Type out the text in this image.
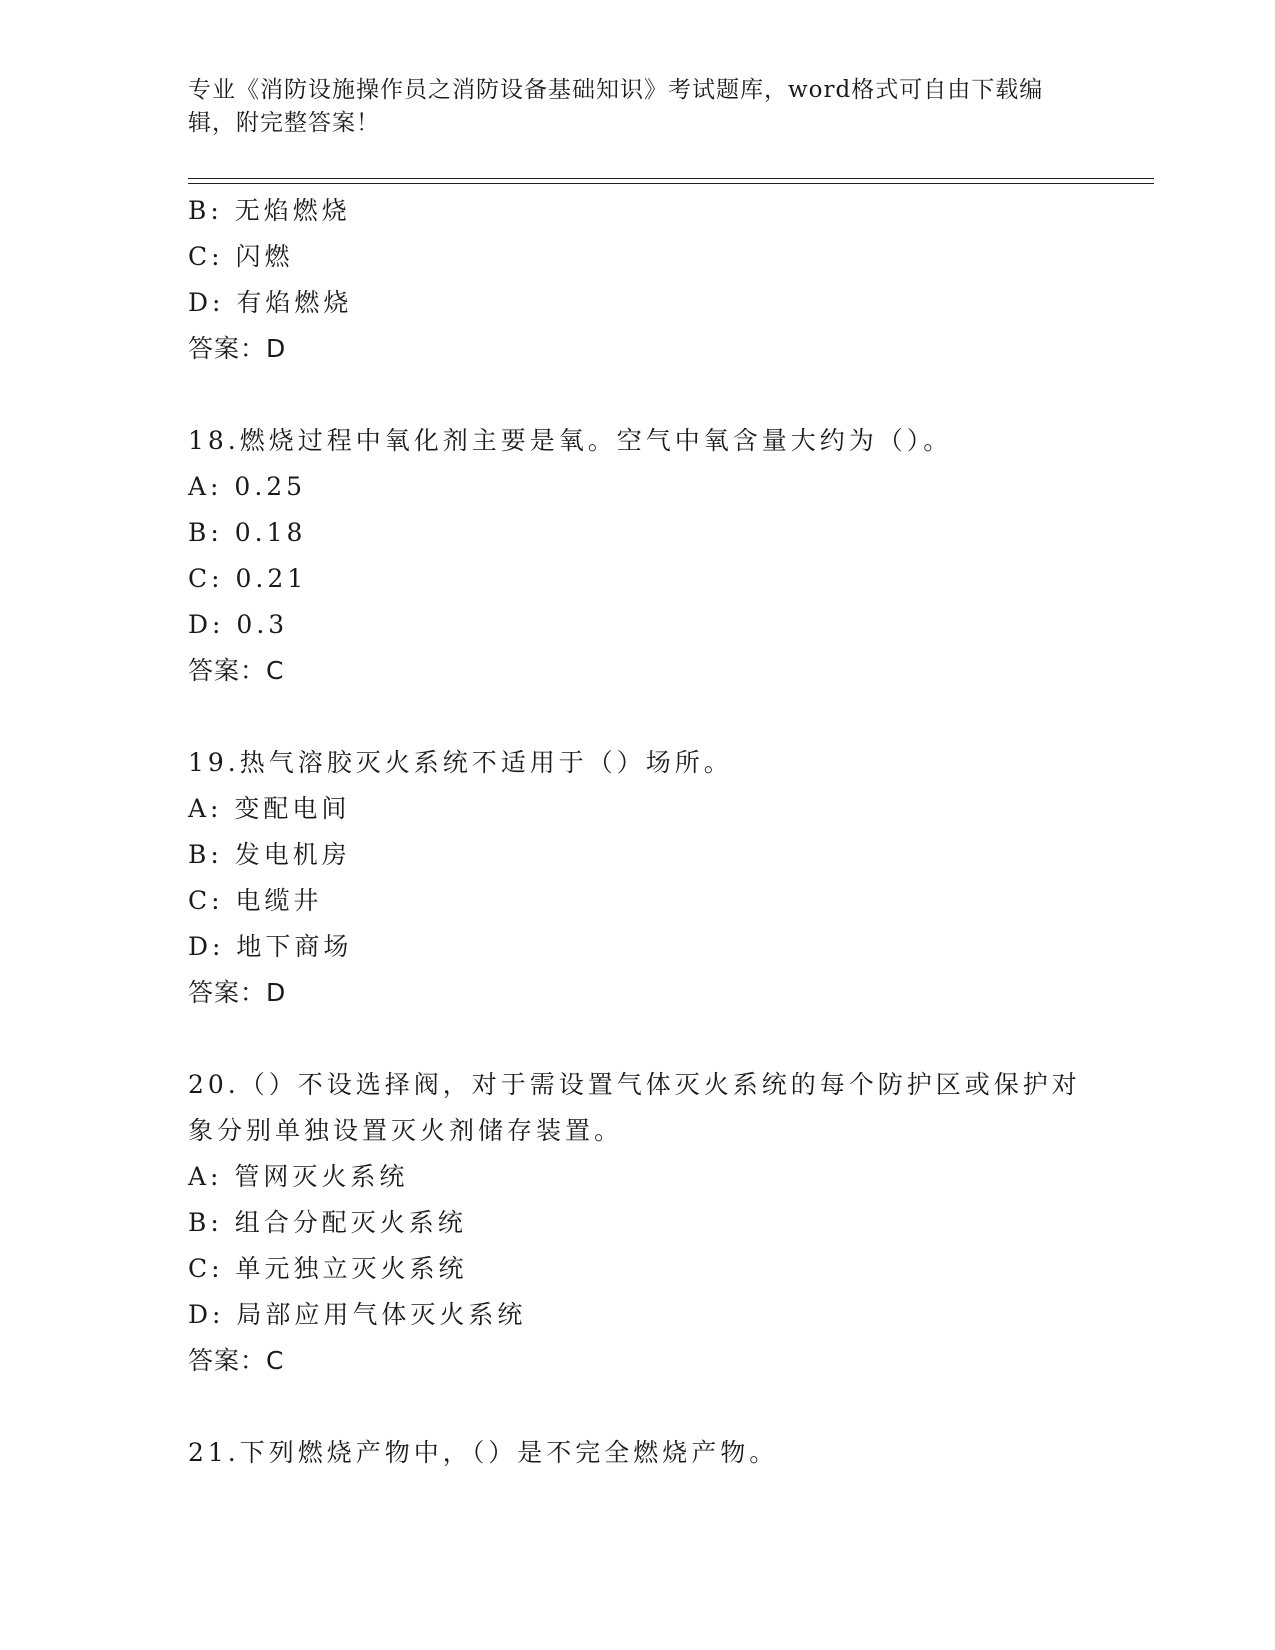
专业《消防设施操作员之消防设备基础知识》考试题库，word格式可自由下载编辑，附完整答案！
B: 无焰燃烧
C: 闪燃
D: 有焰燃烧
答案：D
18.燃烧过程中氧化剂主要是氧。空气中氧含量大约为（）。
A: 0.25
B: 0.18
C: 0.21
D: 0.3
答案：C
19.热气溶胶灭火系统不适用于（）场所。
A: 变配电间
B: 发电机房
C: 电缆井
D: 地下商场
答案：D
20.（）不设选择阀，对于需设置气体灭火系统的每个防护区或保护对
象分别单独设置灭火剂储存装置。
A: 管网灭火系统
B: 组合分配灭火系统
C: 单元独立灭火系统
D: 局部应用气体灭火系统
答案：C
21.下列燃烧产物中，（）是不完全燃烧产物。
